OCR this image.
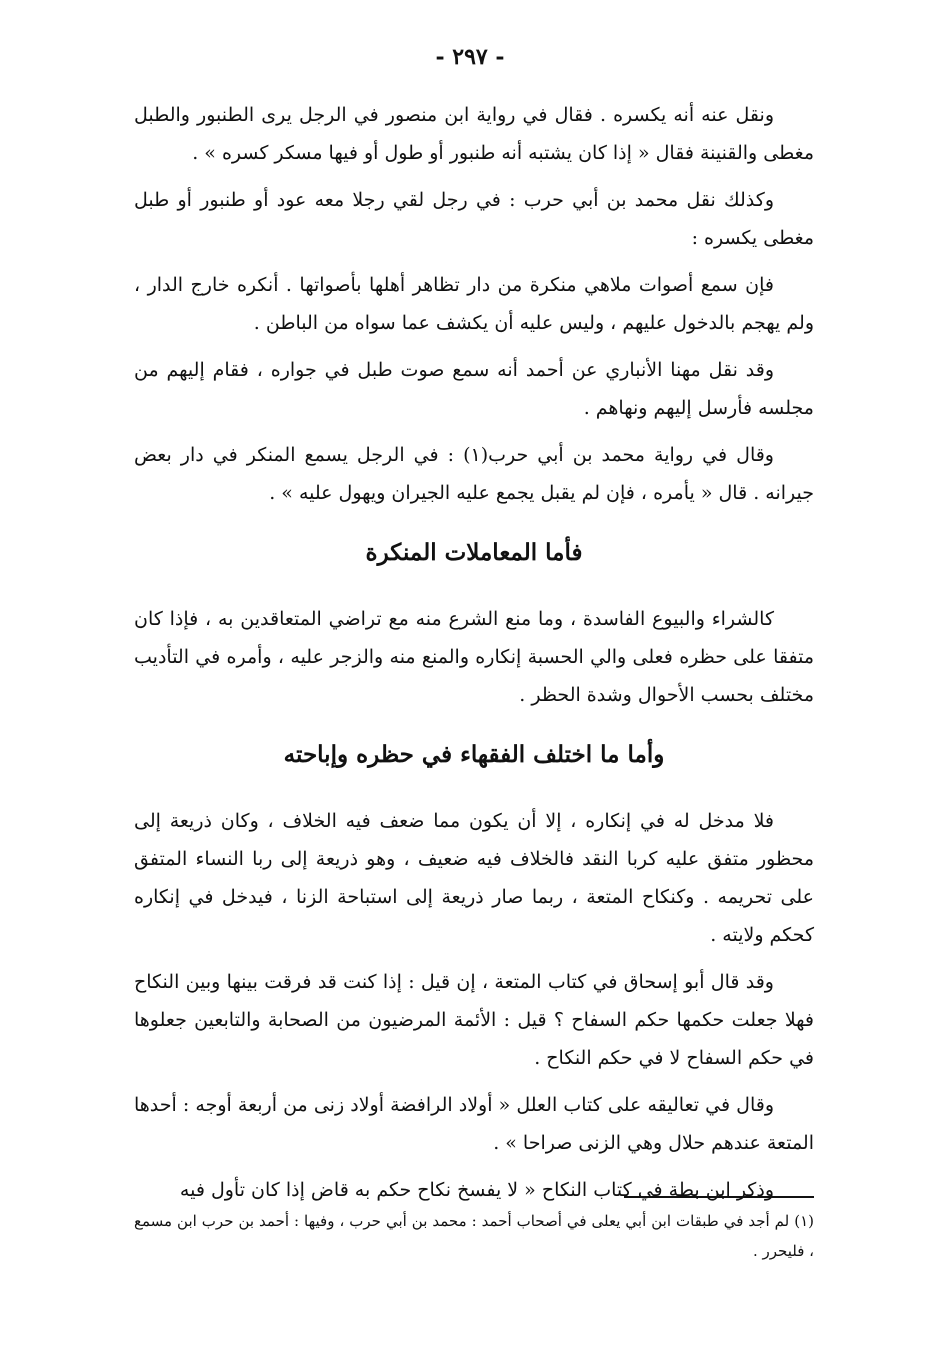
- ٢٩٧ -

ونقل عنه أنه يكسره . فقال في رواية ابن منصور في الرجل يرى الطنبور والطبل مغطى والقنينة فقال « إذا كان يشتبه أنه طنبور أو طول أو فيها مسكر كسره » .

وكذلك نقل محمد بن أبي حرب : في رجل لقي رجلا معه عود أو طنبور أو طبل مغطى يكسره :

فإن سمع أصوات ملاهي منكرة من دار تظاهر أهلها بأصواتها . أنكره خارج الدار ، ولم يهجم بالدخول عليهم ، وليس عليه أن يكشف عما سواه من الباطن .

وقد نقل مهنا الأنباري عن أحمد أنه سمع صوت طبل في جواره ، فقام إليهم من مجلسه فأرسل إليهم ونهاهم .

وقال في رواية محمد بن أبي حرب(١) : في الرجل يسمع المنكر في دار بعض جيرانه . قال « يأمره ، فإن لم يقبل يجمع عليه الجيران ويهول عليه » .

فأما المعاملات المنكرة

كالشراء والبيوع الفاسدة ، وما منع الشرع منه مع تراضي المتعاقدين به ، فإذا كان متفقا على حظره فعلى والي الحسبة إنكاره والمنع منه والزجر عليه ، وأمره في التأديب مختلف بحسب الأحوال وشدة الحظر .

وأما ما اختلف الفقهاء في حظره وإباحته

فلا مدخل له في إنكاره ، إلا أن يكون مما ضعف فيه الخلاف ، وكان ذريعة إلى محظور متفق عليه كربا النقد فالخلاف فيه ضعيف ، وهو ذريعة إلى ربا النساء المتفق على تحريمه . وكنكاح المتعة ، ربما صار ذريعة إلى استباحة الزنا ، فيدخل في إنكاره كحكم ولايته .

وقد قال أبو إسحاق في كتاب المتعة ، إن قيل : إذا كنت قد فرقت بينها وبين النكاح فهلا جعلت حكمها حكم السفاح ؟ قيل : الأئمة المرضيون من الصحابة والتابعين جعلوها في حكم السفاح لا في حكم النكاح .

وقال في تعاليقه على كتاب العلل « أولاد الرافضة أولاد زنى من أربعة أوجه : أحدها المتعة عندهم حلال وهي الزنى صراحا » .

وذكر ابن بطة في كتاب النكاح « لا يفسخ نكاح حكم به قاض إذا كان تأول فيه

(١) لم أجد في طبقات ابن أبي يعلى في أصحاب أحمد : محمد بن أبي حرب ، وفيها : أحمد بن حرب ابن مسمع ، فليحرر .
